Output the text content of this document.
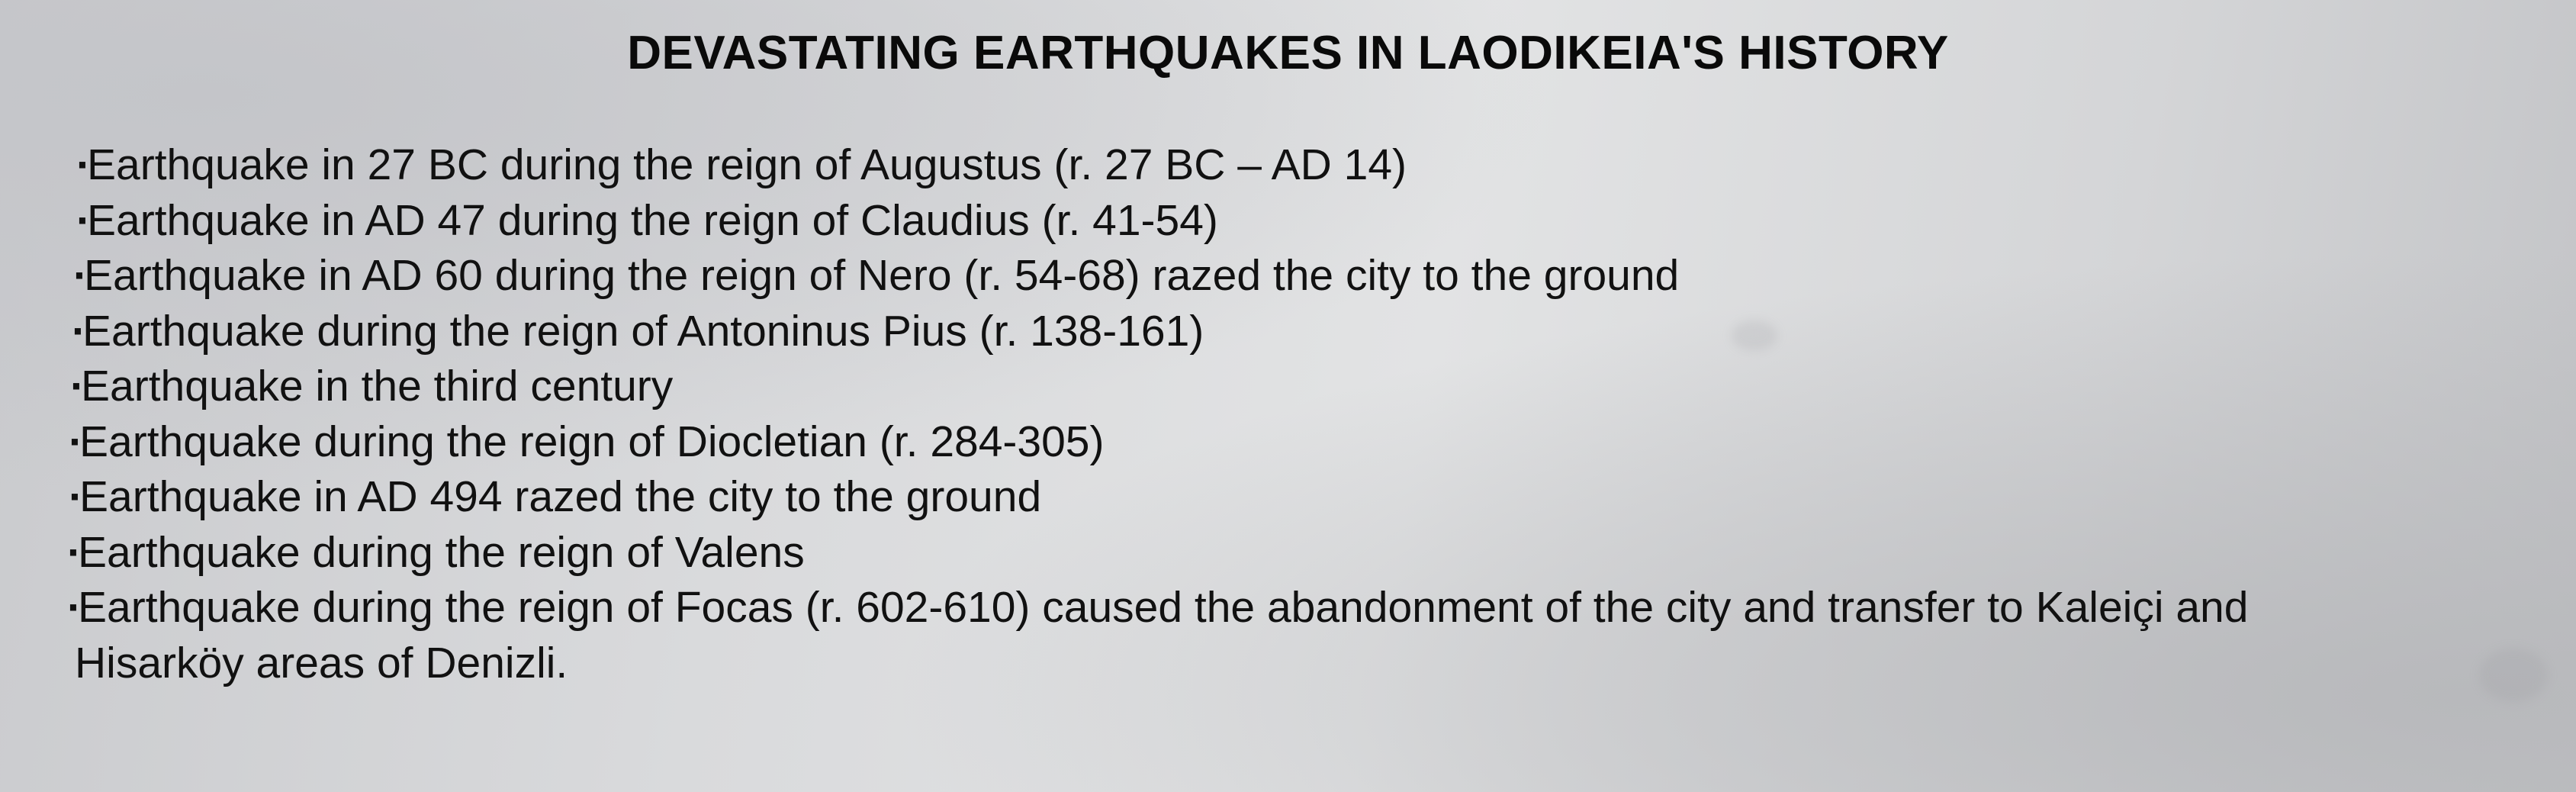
DEVASTATING EARTHQUAKES IN LAODIKEIA'S HISTORY
·Earthquake in 27 BC during the reign of Augustus (r. 27 BC – AD 14)
·Earthquake in AD 47 during the reign of Claudius (r. 41-54)
·Earthquake in AD 60 during the reign of Nero (r. 54-68) razed the city to the ground
·Earthquake during the reign of Antoninus Pius (r. 138-161)
·Earthquake in the third century
·Earthquake during the reign of Diocletian (r. 284-305)
·Earthquake in AD 494 razed the city to the ground
·Earthquake during the reign of Valens
·Earthquake during the reign of Focas (r. 602-610) caused the abandonment of the city and transfer to Kaleiçi and
Hisarköy areas of Denizli.
